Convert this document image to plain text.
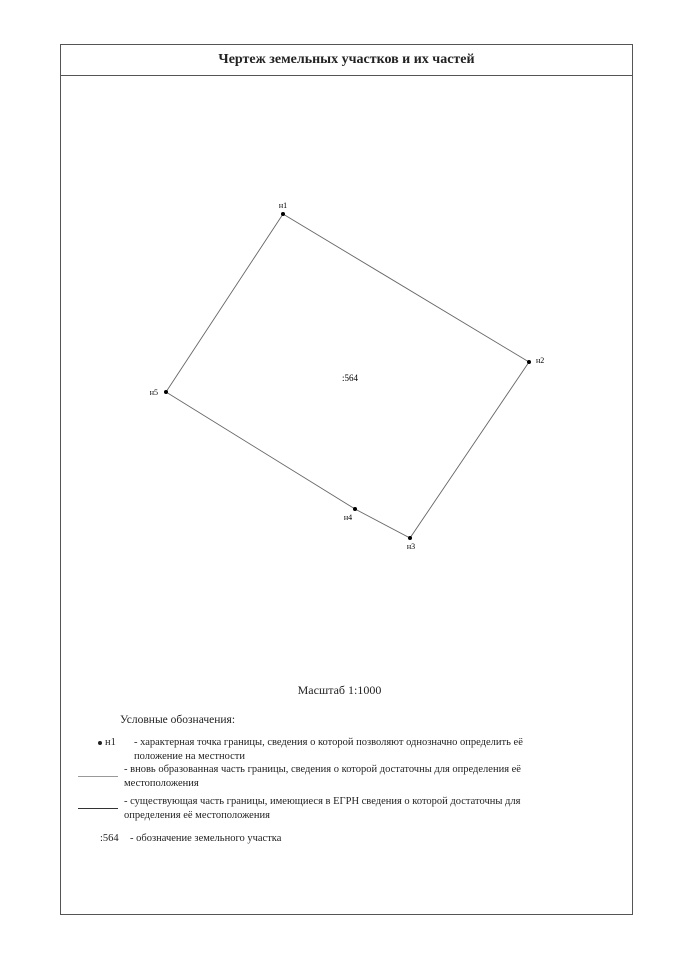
Чертеж земельных участков и их частей
н1
н2
н3
н4
н5
:564
Масштаб 1:1000
Условные обозначения:
н1 - характерная точка границы, сведения о которой позволяют однозначно определить её положение на местности
- вновь образованная часть границы, сведения о которой достаточны для определения её местоположения
- существующая часть границы, имеющиеся в ЕГРН сведения о которой достаточны для определения её местоположения
:564 - обозначение земельного участка
